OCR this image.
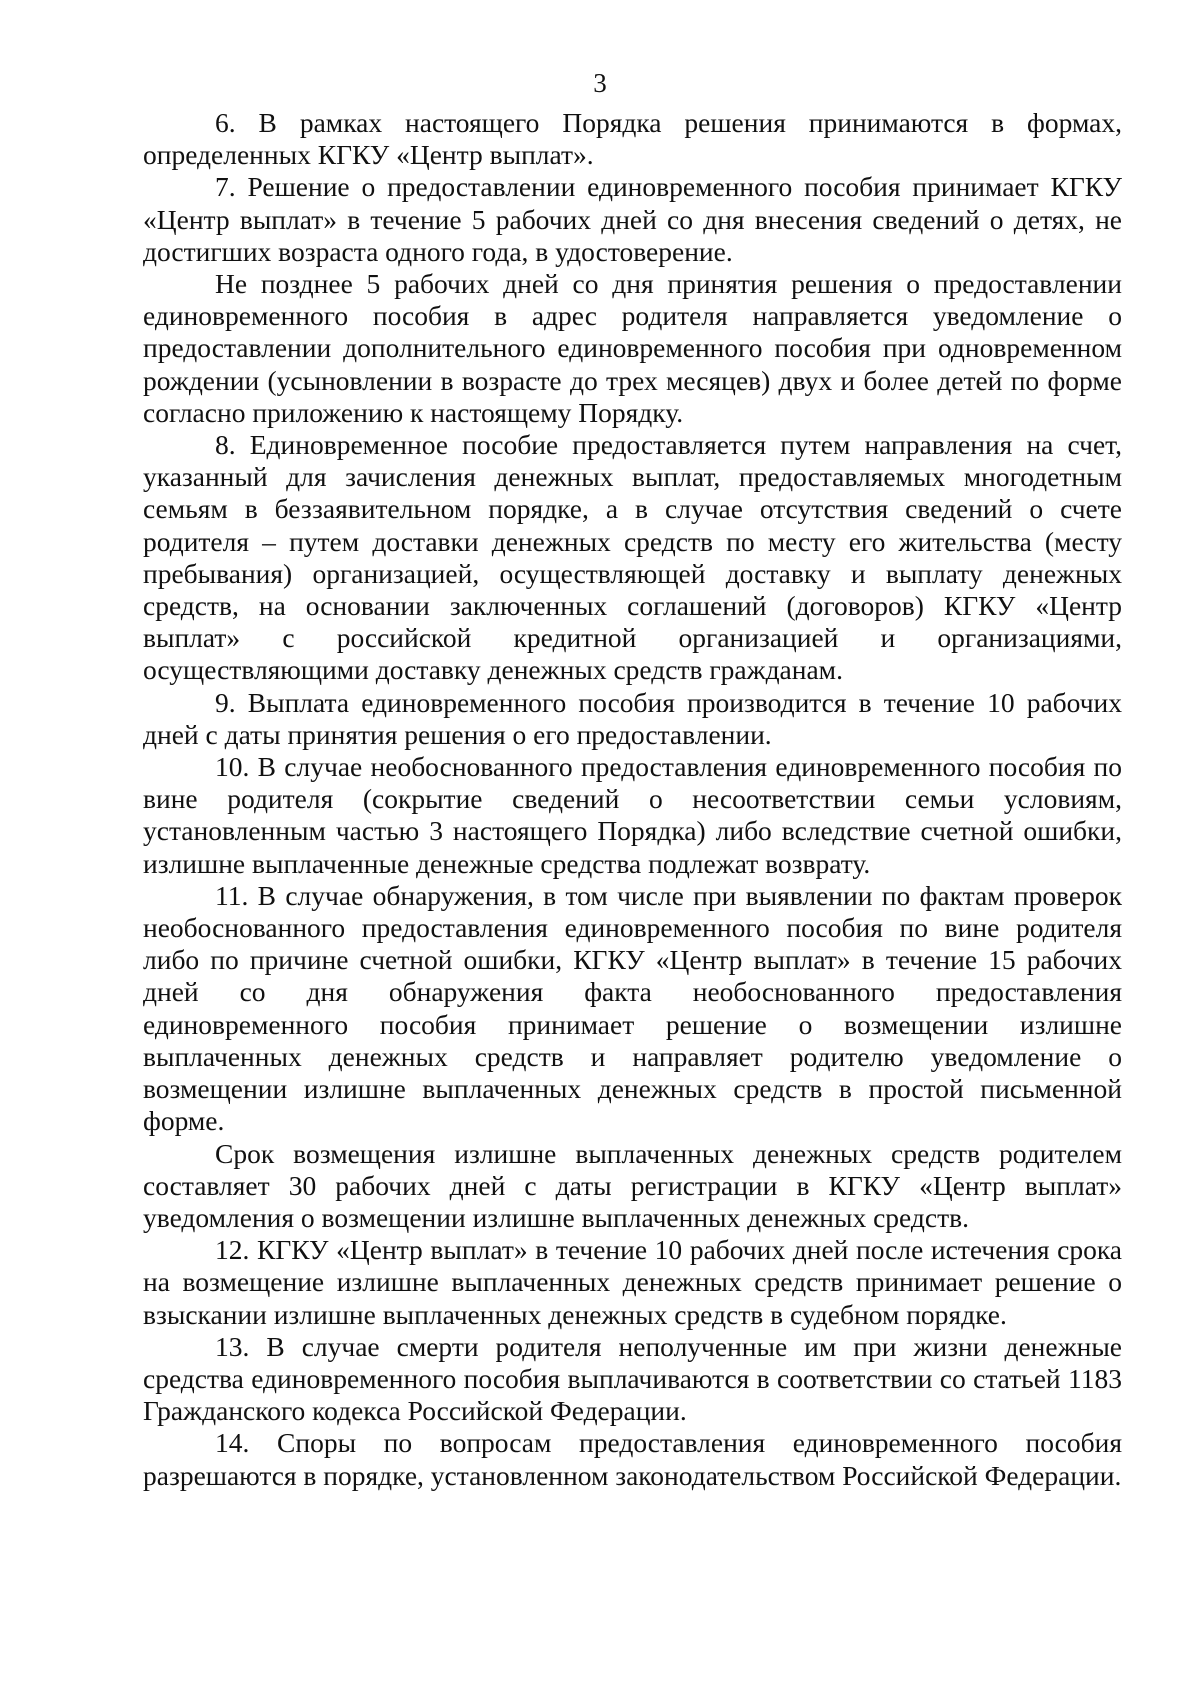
3

6. В рамках настоящего Порядка решения принимаются в формах, определенных КГКУ «Центр выплат».

7. Решение о предоставлении единовременного пособия принимает КГКУ «Центр выплат» в течение 5 рабочих дней со дня внесения сведений о детях, не достигших возраста одного года, в удостоверение.

Не позднее 5 рабочих дней со дня принятия решения о предоставлении единовременного пособия в адрес родителя направляется уведомление о предоставлении дополнительного единовременного пособия при одновременном рождении (усыновлении в возрасте до трех месяцев) двух и более детей по форме согласно приложению к настоящему Порядку.

8. Единовременное пособие предоставляется путем направления на счет, указанный для зачисления денежных выплат, предоставляемых многодетным семьям в беззаявительном порядке, а в случае отсутствия сведений о счете родителя – путем доставки денежных средств по месту его жительства (месту пребывания) организацией, осуществляющей доставку и выплату денежных средств, на основании заключенных соглашений (договоров) КГКУ «Центр выплат» с российской кредитной организацией и организациями, осуществляющими доставку денежных средств гражданам.

9. Выплата единовременного пособия производится в течение 10 рабочих дней с даты принятия решения о его предоставлении.

10. В случае необоснованного предоставления единовременного пособия по вине родителя (сокрытие сведений о несоответствии семьи условиям, установленным частью 3 настоящего Порядка) либо вследствие счетной ошибки, излишне выплаченные денежные средства подлежат возврату.

11. В случае обнаружения, в том числе при выявлении по фактам проверок необоснованного предоставления единовременного пособия по вине родителя либо по причине счетной ошибки, КГКУ «Центр выплат» в течение 15 рабочих дней со дня обнаружения факта необоснованного предоставления единовременного пособия принимает решение о возмещении излишне выплаченных денежных средств и направляет родителю уведомление о возмещении излишне выплаченных денежных средств в простой письменной форме.

Срок возмещения излишне выплаченных денежных средств родителем составляет 30 рабочих дней с даты регистрации в КГКУ «Центр выплат» уведомления о возмещении излишне выплаченных денежных средств.

12. КГКУ «Центр выплат» в течение 10 рабочих дней после истечения срока на возмещение излишне выплаченных денежных средств принимает решение о взыскании излишне выплаченных денежных средств в судебном порядке.

13. В случае смерти родителя неполученные им при жизни денежные средства единовременного пособия выплачиваются в соответствии со статьей 1183 Гражданского кодекса Российской Федерации.

14. Споры по вопросам предоставления единовременного пособия разрешаются в порядке, установленном законодательством Российской Федерации.
